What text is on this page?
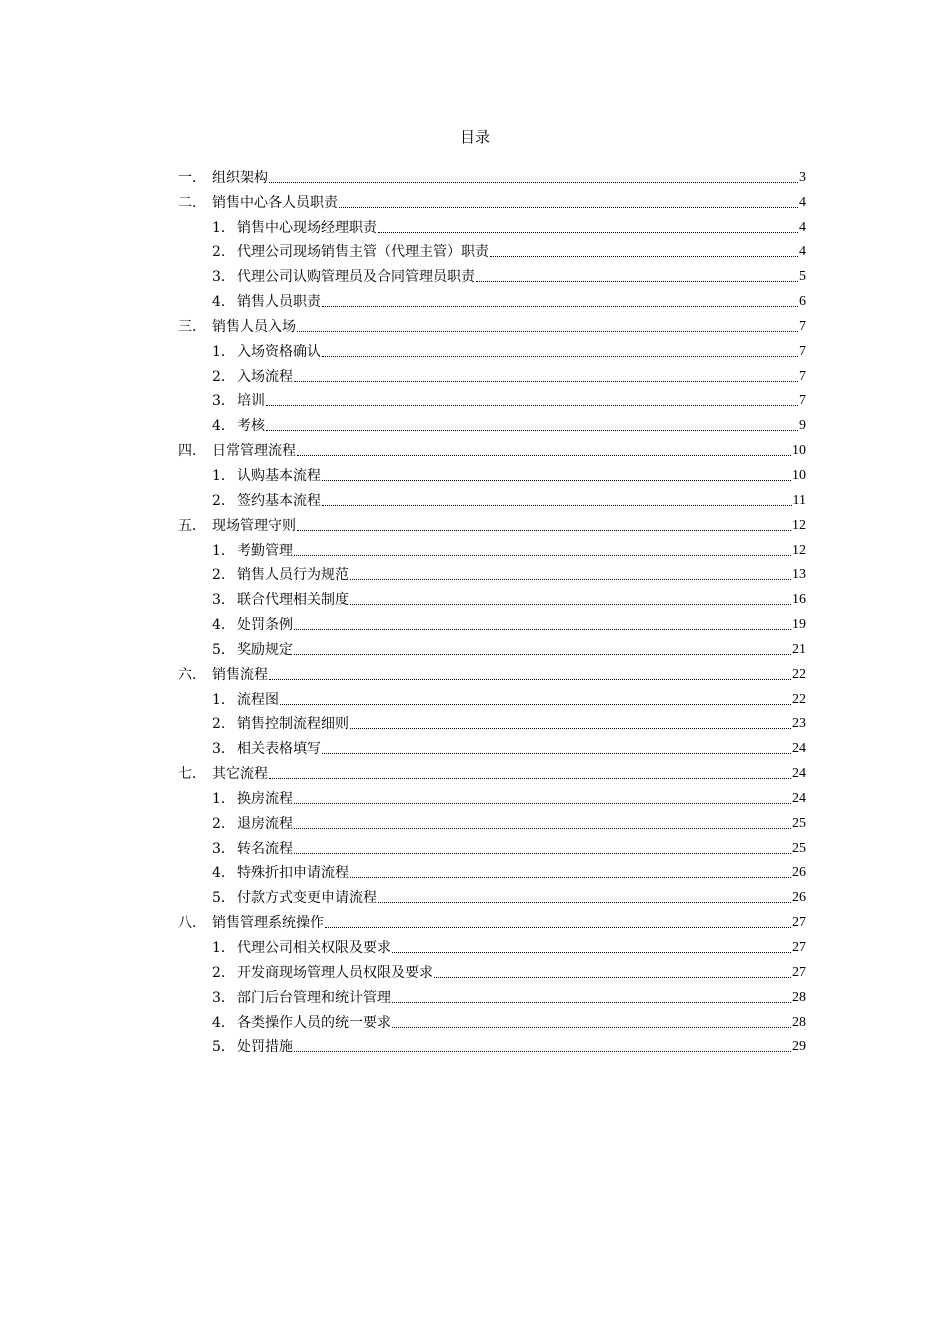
目录
一． 组织架构	3
二． 销售中心各人员职责	4
1． 销售中心现场经理职责	4
2． 代理公司现场销售主管（代理主管）职责	4
3． 代理公司认购管理员及合同管理员职责	5
4． 销售人员职责	6
三． 销售人员入场	7
1． 入场资格确认	7
2． 入场流程	7
3． 培训	7
4． 考核	9
四． 日常管理流程	10
1． 认购基本流程	10
2． 签约基本流程	11
五． 现场管理守则	12
1． 考勤管理	12
2． 销售人员行为规范	13
3． 联合代理相关制度	16
4． 处罚条例	19
5． 奖励规定	21
六． 销售流程	22
1． 流程图	22
2． 销售控制流程细则	23
3． 相关表格填写	24
七． 其它流程	24
1． 换房流程	24
2． 退房流程	25
3． 转名流程	25
4． 特殊折扣申请流程	26
5． 付款方式变更申请流程	26
八． 销售管理系统操作	27
1． 代理公司相关权限及要求	27
2． 开发商现场管理人员权限及要求	27
3． 部门后台管理和统计管理	28
4． 各类操作人员的统一要求	28
5． 处罚措施	29
